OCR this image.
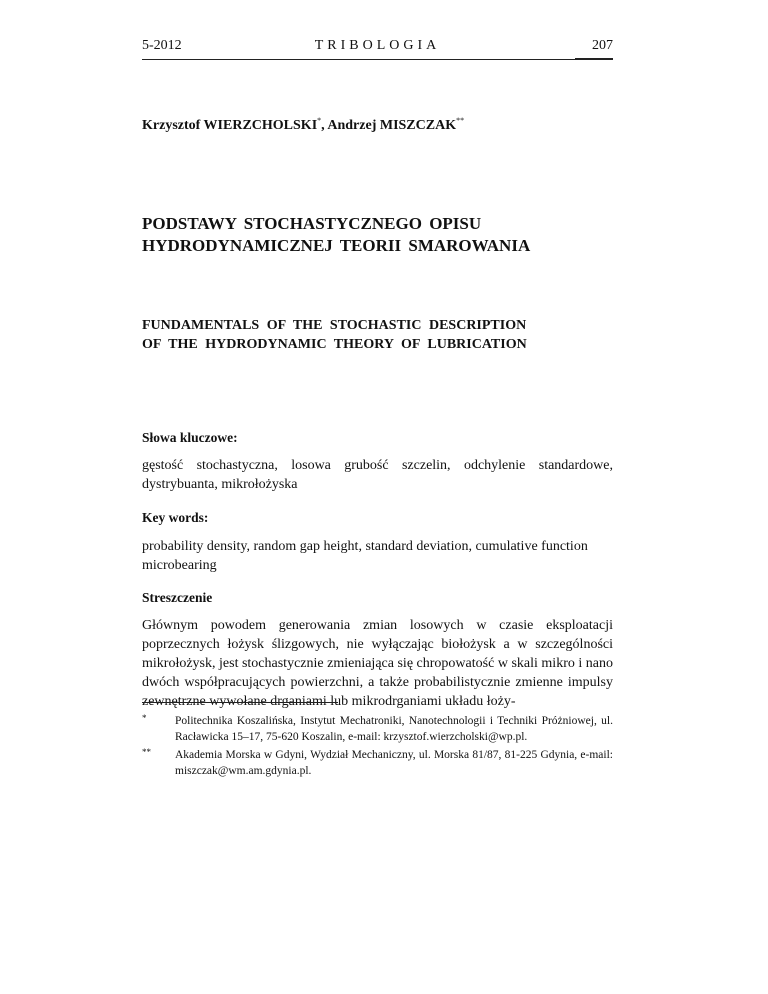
5-2012	TRIBOLOGIA	207
Krzysztof WIERZCHOLSKI*, Andrzej MISZCZAK**
PODSTAWY STOCHASTYCZNEGO OPISU
HYDRODYNAMICZNEJ TEORII SMAROWANIA
FUNDAMENTALS OF THE STOCHASTIC DESCRIPTION
OF THE HYDRODYNAMIC THEORY OF LUBRICATION
Słowa kluczowe:
gęstość stochastyczna, losowa grubość szczelin, odchylenie standardowe, dystrybuanta, mikrołożyska
Key words:
probability density, random gap height, standard deviation, cumulative function microbearing
Streszczenie
Głównym powodem generowania zmian losowych w czasie eksploatacji poprzecznych łożysk ślizgowych, nie wyłączając biołożysk a w szczególności mikrołożysk, jest stochastycznie zmieniająca się chropowatość w skali mikro i nano dwóch współpracujących powierzchni, a także probabilistycznie zmienne impulsy zewnętrzne wywołane drganiami lub mikrodrganiami układu łoży-
* Politechnika Koszalińska, Instytut Mechatroniki, Nanotechnologii i Techniki Próżniowej, ul. Racławicka 15–17, 75-620 Koszalin, e-mail: krzysztof.wierzcholski@wp.pl.
** Akademia Morska w Gdyni, Wydział Mechaniczny, ul. Morska 81/87, 81-225 Gdynia, e-mail: miszczak@wm.am.gdynia.pl.
